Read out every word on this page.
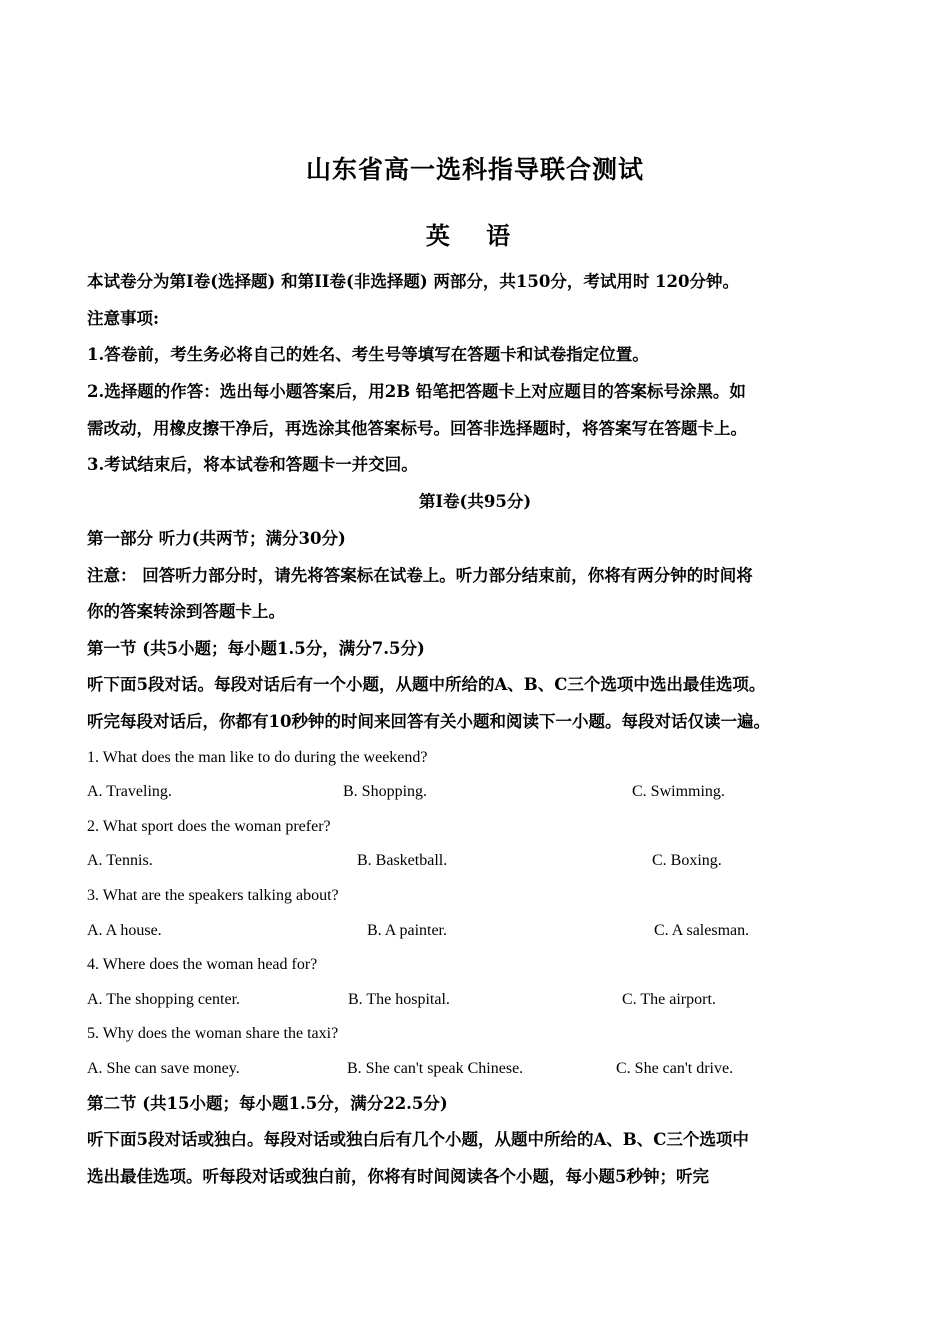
山东省高一选科指导联合测试
英 语
本试卷分为第I卷(选择题) 和第II卷(非选择题) 两部分，共150分，考试用时 120分钟。
注意事项:
1.答卷前，考生务必将自己的姓名、考生号等填写在答题卡和试卷指定位置。
2.选择题的作答：选出每小题答案后，用2B 铅笔把答题卡上对应题目的答案标号涂黑。如
需改动，用橡皮擦干净后，再选涂其他答案标号。回答非选择题时，将答案写在答题卡上。
3.考试结束后，将本试卷和答题卡一并交回。
第I卷(共95分)
第一部分 听力(共两节；满分30分)
注意： 回答听力部分时，请先将答案标在试卷上。听力部分结束前，你将有两分钟的时间将
你的答案转涂到答题卡上。
第一节 (共5小题；每小题1.5分，满分7.5分)
听下面5段对话。每段对话后有一个小题，从题中所给的A、B、C三个选项中选出最佳选项。
听完每段对话后，你都有10秒钟的时间来回答有关小题和阅读下一小题。每段对话仅读一遍。
1. What does the man like to do during the weekend?
A. Traveling.	B. Shopping.	C. Swimming.
2. What sport does the woman prefer?
A. Tennis.	B. Basketball.	C. Boxing.
3. What are the speakers talking about?
A. A house.	B. A painter.	C. A salesman.
4. Where does the woman head for?
A. The shopping center.	B. The hospital.	C. The airport.
5. Why does the woman share the taxi?
A. She can save money.	B. She can't speak Chinese.	C. She can't drive.
第二节 (共15小题；每小题1.5分，满分22.5分)
听下面5段对话或独白。每段对话或独白后有几个小题，从题中所给的A、B、C三个选项中
选出最佳选项。听每段对话或独白前，你将有时间阅读各个小题，每小题5秒钟；听完
